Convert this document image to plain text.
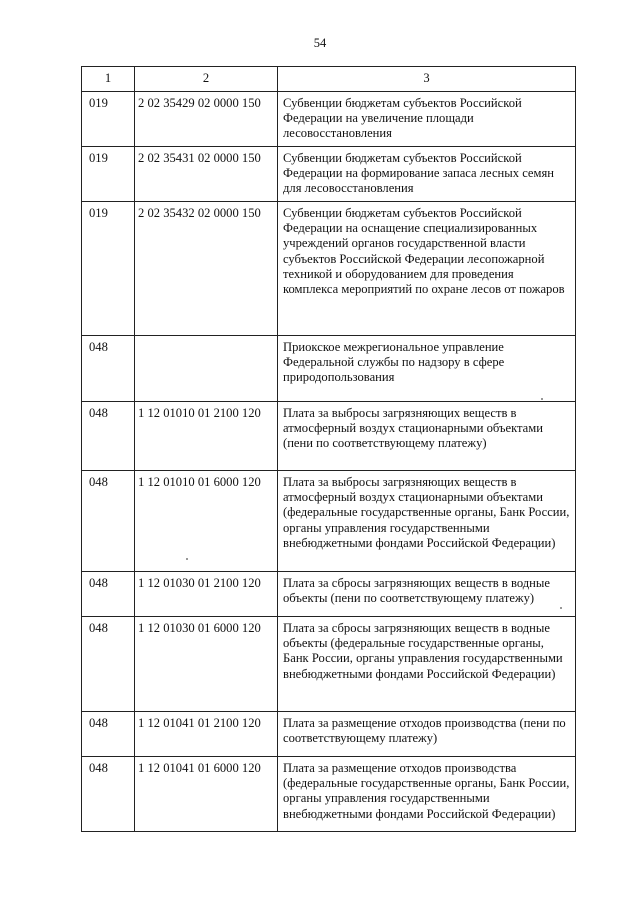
54
1	2	3
019	2 02 35429 02 0000 150	Субвенции бюджетам субъектов Российской Федерации на увеличение площади лесовосстановления
019	2 02 35431 02 0000 150	Субвенции бюджетам субъектов Российской Федерации на формирование запаса лесных семян для лесовосстановления
019	2 02 35432 02 0000 150	Субвенции бюджетам субъектов Российской Федерации на оснащение специализированных учреждений органов государственной власти субъектов Российской Федерации лесопожарной техникой и оборудованием для проведения комплекса мероприятий по охране лесов от пожаров
048		Приокское межрегиональное управление Федеральной службы по надзору в сфере природопользования
048	1 12 01010 01 2100 120	Плата за выбросы загрязняющих веществ в атмосферный воздух стационарными объектами (пени по соответствующему платежу)
048	1 12 01010 01 6000 120	Плата за выбросы загрязняющих веществ в атмосферный воздух стационарными объектами (федеральные государственные органы, Банк России, органы управления государственными внебюджетными фондами Российской Федерации)
048	1 12 01030 01 2100 120	Плата за сбросы загрязняющих веществ в водные объекты (пени по соответствующему платежу)
048	1 12 01030 01 6000 120	Плата за сбросы загрязняющих веществ в водные объекты (федеральные государственные органы, Банк России, органы управления государственными внебюджетными фондами Российской Федерации)
048	1 12 01041 01 2100 120	Плата за размещение отходов производства (пени по соответствующему платежу)
048	1 12 01041 01 6000 120	Плата за размещение отходов производства (федеральные государственные органы, Банк России, органы управления государственными внебюджетными фондами Российской Федерации)
